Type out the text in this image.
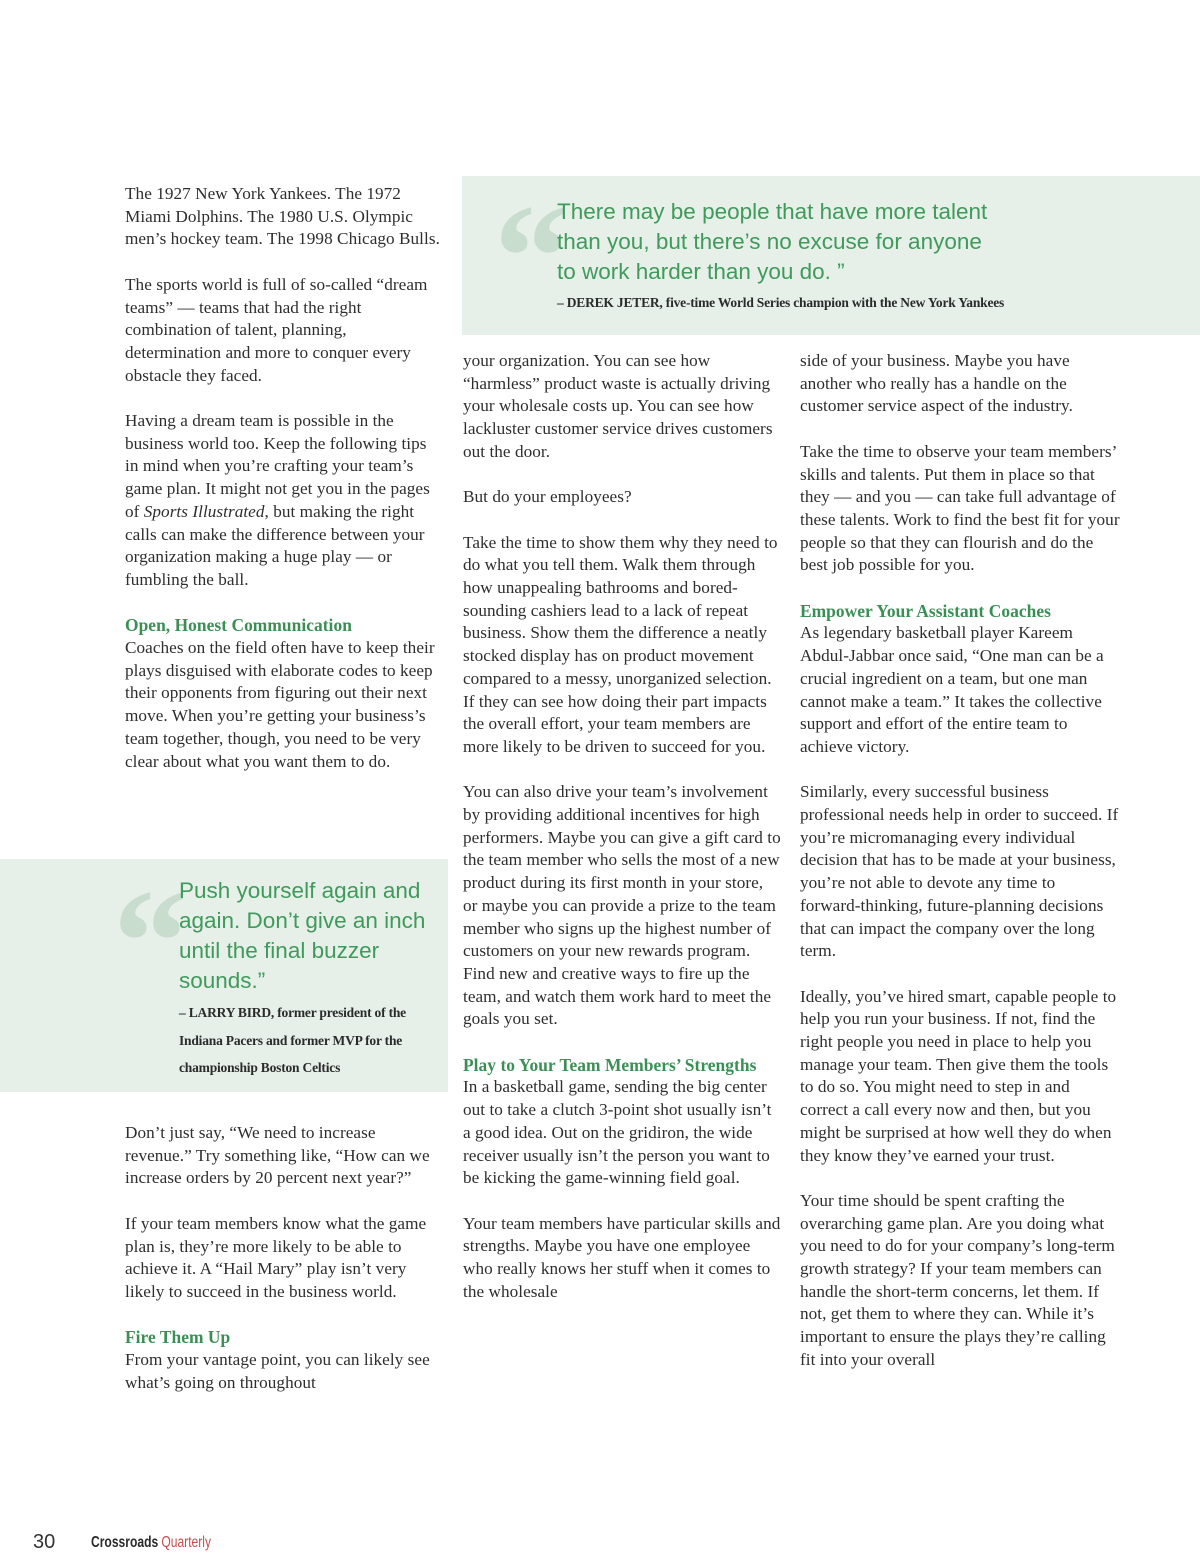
“
There may be people that have more talent than you, but there’s no excuse for anyone to work harder than you do. ”
– DEREK JETER, five-time World Series champion with the New York Yankees

The 1927 New York Yankees. The 1972 Miami Dolphins. The 1980 U.S. Olympic men’s hockey team. The 1998 Chicago Bulls.

The sports world is full of so-called “dream teams” — teams that had the right combination of talent, planning, determination and more to conquer every obstacle they faced.

Having a dream team is possible in the business world too. Keep the following tips in mind when you’re crafting your team’s game plan. It might not get you in the pages of Sports Illustrated, but making the right calls can make the difference between your organization making a huge play — or fumbling the ball.

Open, Honest Communication

Coaches on the field often have to keep their plays disguised with elaborate codes to keep their opponents from figuring out their next move. When you’re getting your business’s team together, though, you need to be very clear about what you want them to do.

“
Push yourself again and again. Don’t give an inch until the final buzzer sounds.”
– LARRY BIRD, former president of the Indiana Pacers and former MVP for the championship Boston Celtics

Don’t just say, “We need to increase revenue.” Try something like, “How can we increase orders by 20 percent next year?”

If your team members know what the game plan is, they’re more likely to be able to achieve it. A “Hail Mary” play isn’t very likely to succeed in the business world.

Fire Them Up

From your vantage point, you can likely see what’s going on throughout

your organization. You can see how “harmless” product waste is actually driving your wholesale costs up. You can see how lackluster customer service drives customers out the door.

But do your employees?

Take the time to show them why they need to do what you tell them. Walk them through how unappealing bathrooms and bored-sounding cashiers lead to a lack of repeat business. Show them the difference a neatly stocked display has on product movement compared to a messy, unorganized selection. If they can see how doing their part impacts the overall effort, your team members are more likely to be driven to succeed for you.

You can also drive your team’s involvement by providing additional incentives for high performers. Maybe you can give a gift card to the team member who sells the most of a new product during its first month in your store, or maybe you can provide a prize to the team member who signs up the highest number of customers on your new rewards program. Find new and creative ways to fire up the team, and watch them work hard to meet the goals you set.

Play to Your Team Members’ Strengths

In a basketball game, sending the big center out to take a clutch 3-point shot usually isn’t a good idea. Out on the gridiron, the wide receiver usually isn’t the person you want to be kicking the game-winning field goal.

Your team members have particular skills and strengths. Maybe you have one employee who really knows her stuff when it comes to the wholesale

side of your business. Maybe you have another who really has a handle on the customer service aspect of the industry.

Take the time to observe your team members’ skills and talents. Put them in place so that they — and you — can take full advantage of these talents. Work to find the best fit for your people so that they can flourish and do the best job possible for you.

Empower Your Assistant Coaches

As legendary basketball player Kareem Abdul-Jabbar once said, “One man can be a crucial ingredient on a team, but one man cannot make a team.” It takes the collective support and effort of the entire team to achieve victory.

Similarly, every successful business professional needs help in order to succeed. If you’re micromanaging every individual decision that has to be made at your business, you’re not able to devote any time to forward-thinking, future-planning decisions that can impact the company over the long term.

Ideally, you’ve hired smart, capable people to help you run your business. If not, find the right people you need in place to help you manage your team. Then give them the tools to do so. You might need to step in and correct a call every now and then, but you might be surprised at how well they do when they know they’ve earned your trust.

Your time should be spent crafting the overarching game plan. Are you doing what you need to do for your company’s long-term growth strategy? If your team members can handle the short-term concerns, let them. If not, get them to where they can. While it’s important to ensure the plays they’re calling fit into your overall

30 Crossroads Quarterly
